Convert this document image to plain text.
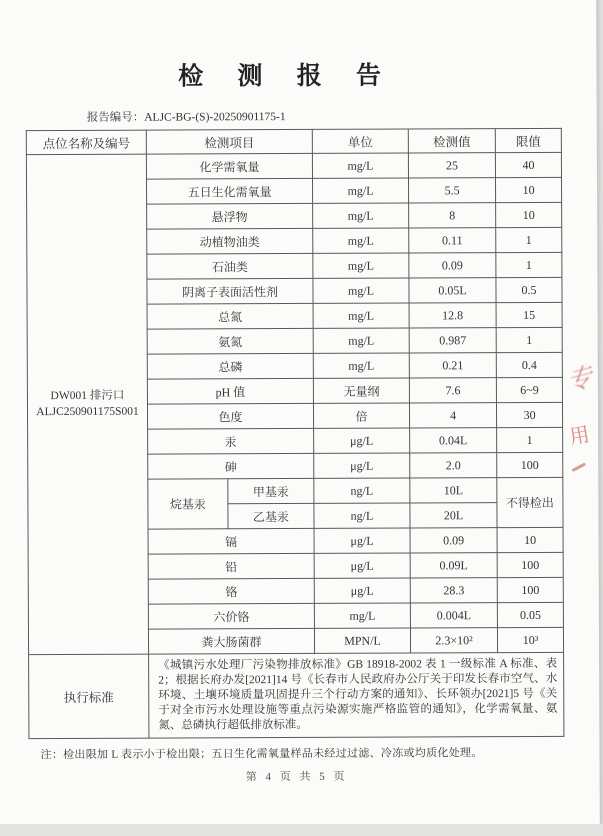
检 测 报 告
报告编号：ALJC-BG-(S)-20250901175-1
点位名称及编号	检测项目		单位	检测值	限值

DW001 排污口
ALJC250901175S001	化学需氧量		mg/L	25	40
	五日生化需氧量		mg/L	5.5	10
	悬浮物		mg/L	8	10
	动植物油类		mg/L	0.11	1
	石油类		mg/L	0.09	1
	阴离子表面活性剂		mg/L	0.05L	0.5
	总氮		mg/L	12.8	15
	氨氮		mg/L	0.987	1
	总磷		mg/L	0.21	0.4
	pH 值		无量纲	7.6	6~9
	色度		倍	4	30
	汞		μg/L	0.04L	1
	砷		μg/L	2.0	100
	烷基汞	甲基汞	ng/L	10L	不得检出
		乙基汞	ng/L	20L	
	镉		μg/L	0.09	10
	铅		μg/L	0.09L	100
	铬		μg/L	28.3	100
	六价铬		mg/L	0.004L	0.05
	粪大肠菌群		MPN/L	2.3×10²	10³
执行标准	《城镇污水处理厂污染物排放标准》GB 18918-2002 表 1 一级标准 A 标准、表 2；根据长府办发[2021]14 号《长春市人民政府办公厅关于印发长春市空气、水环境、土壤环境质量巩固提升三个行动方案的通知》、长环领办[2021]5 号《关于对全市污水处理设施等重点污染源实施严格监管的通知》，化学需氧量、氨氮、总磷执行超低排放标准。				
注：检出限加 L 表示小于检出限；五日生化需氧量样品未经过过滤、冷冻或均质化处理。
第 4 页 共 5 页
专
用
